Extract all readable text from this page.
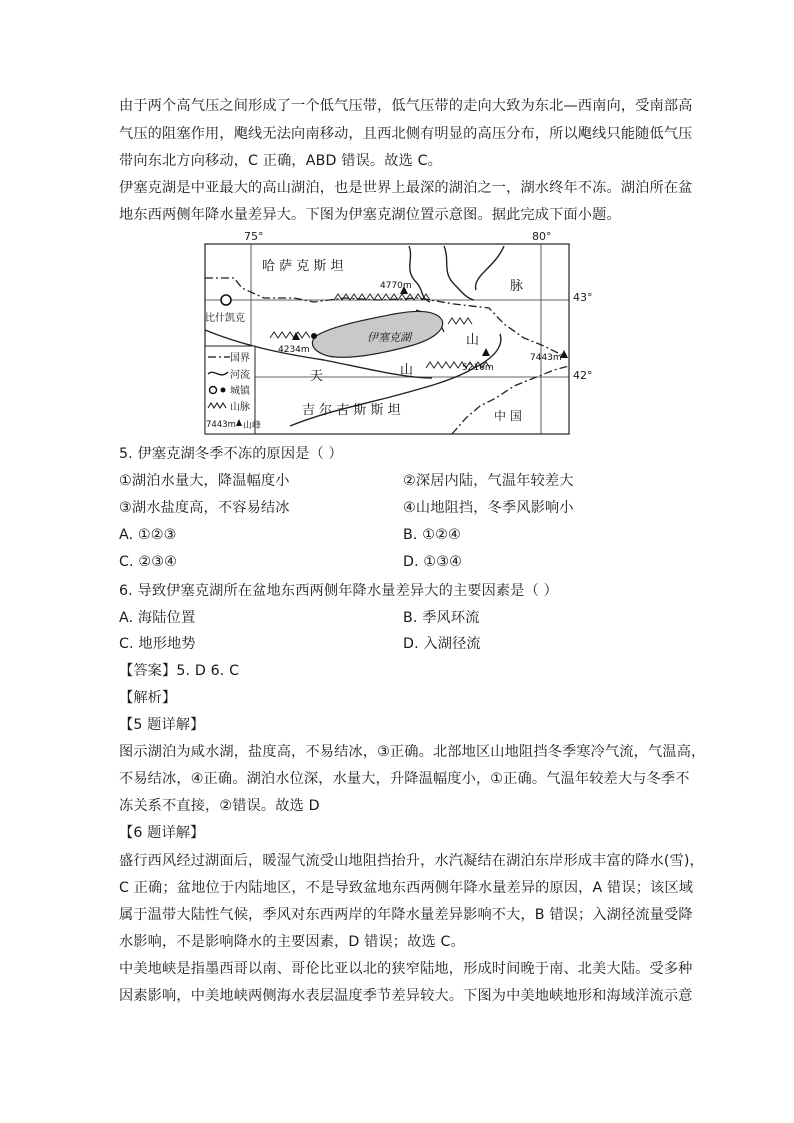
由于两个高气压之间形成了一个低气压带，低气压带的走向大致为东北—西南向，受南部高
气压的阻塞作用，飑线无法向南移动，且西北侧有明显的高压分布，所以飑线只能随低气压
带向东北方向移动，C 正确，ABD 错误。故选 C。
伊塞克湖是中亚最大的高山湖泊，也是世界上最深的湖泊之一，湖水终年不冻。湖泊所在盆
地东西两侧年降水量差异大。下图为伊塞克湖位置示意图。据此完成下面小题。
75°	80°
伊塞克湖
4770m
4234m
5216m
7443m
比什凯克
哈 萨 克 斯 坦
吉 尔 吉 斯 斯 坦	中 国
脉
山
天	山
国界
河流
城镇
山脉
7443m 山峰
43°
42°
5. 伊塞克湖冬季不冻的原因是（ ）
①湖泊水量大，降温幅度小	②深居内陆，气温年较差大
③湖水盐度高，不容易结冰	④山地阻挡，冬季风影响小
A. ①②③	B. ①②④
C. ②③④	D. ①③④
6. 导致伊塞克湖所在盆地东西两侧年降水量差异大的主要因素是（ ）
A. 海陆位置	B. 季风环流
C. 地形地势	D. 入湖径流
【答案】5. D 6. C
【解析】
【5 题详解】
图示湖泊为咸水湖，盐度高，不易结冰，③正确。北部地区山地阻挡冬季寒冷气流，气温高，
不易结冰，④正确。湖泊水位深，水量大，升降温幅度小，①正确。气温年较差大与冬季不
冻关系不直接，②错误。故选 D
【6 题详解】
盛行西风经过湖面后，暖湿气流受山地阻挡抬升，水汽凝结在湖泊东岸形成丰富的降水(雪)，
C 正确；盆地位于内陆地区，不是导致盆地东西两侧年降水量差异的原因，A 错误；该区域
属于温带大陆性气候，季风对东西两岸的年降水量差异影响不大，B 错误；入湖径流量受降
水影响，不是影响降水的主要因素，D 错误；故选 C。
中美地峡是指墨西哥以南、哥伦比亚以北的狭窄陆地，形成时间晚于南、北美大陆。受多种
因素影响，中美地峡两侧海水表层温度季节差异较大。下图为中美地峡地形和海域洋流示意
